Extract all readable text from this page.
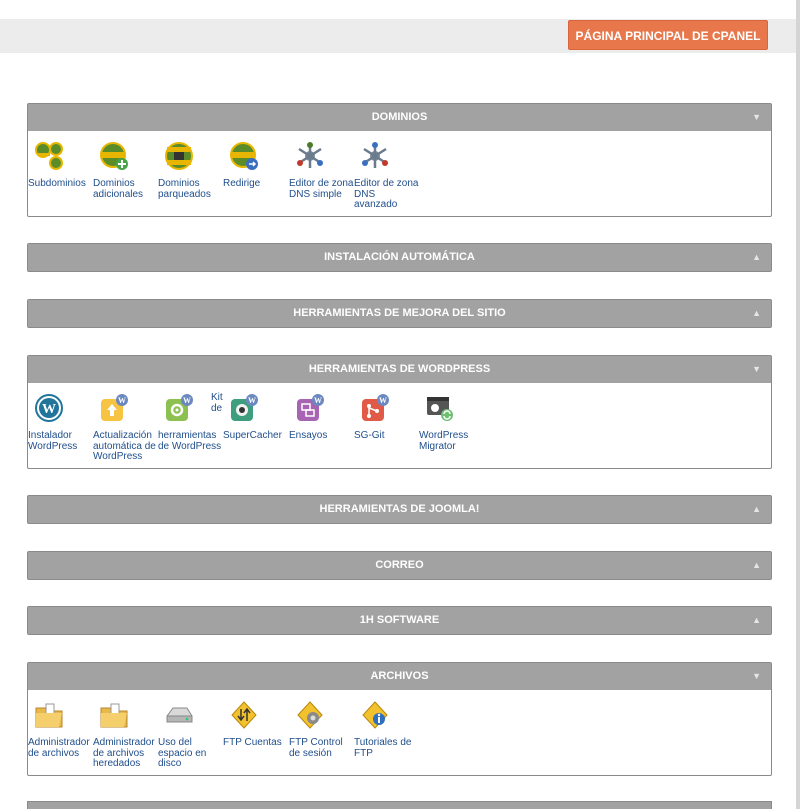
PÁGINA PRINCIPAL DE CPANEL
DOMINIOS	▼
Subdominios Dominios adicionales
Dominios parqueados
Redirige	Editor de zona DNS simple
Editor de zona DNS avanzado
INSTALACIÓN AUTOMÁTICA	▲
HERRAMIENTAS DE MEJORA DEL SITIO	▲
HERRAMIENTAS DE WORDPRESS	▼
W
Instalador WordPress
W
Actualización automática de WordPress
W
herramientas de WordPress
W
SuperCacher
W
Ensayos
W
SG-Git	WordPress Migrator
Kit de
HERRAMIENTAS DE JOOMLA!	▲
CORREO	▲
1H SOFTWARE	▲
ARCHIVOS	▼
Administrador de archivos
Administrador de archivos heredados
Uso del espacio en disco
FTP Cuentas FTP Control de sesión
Tutoriales de FTP
